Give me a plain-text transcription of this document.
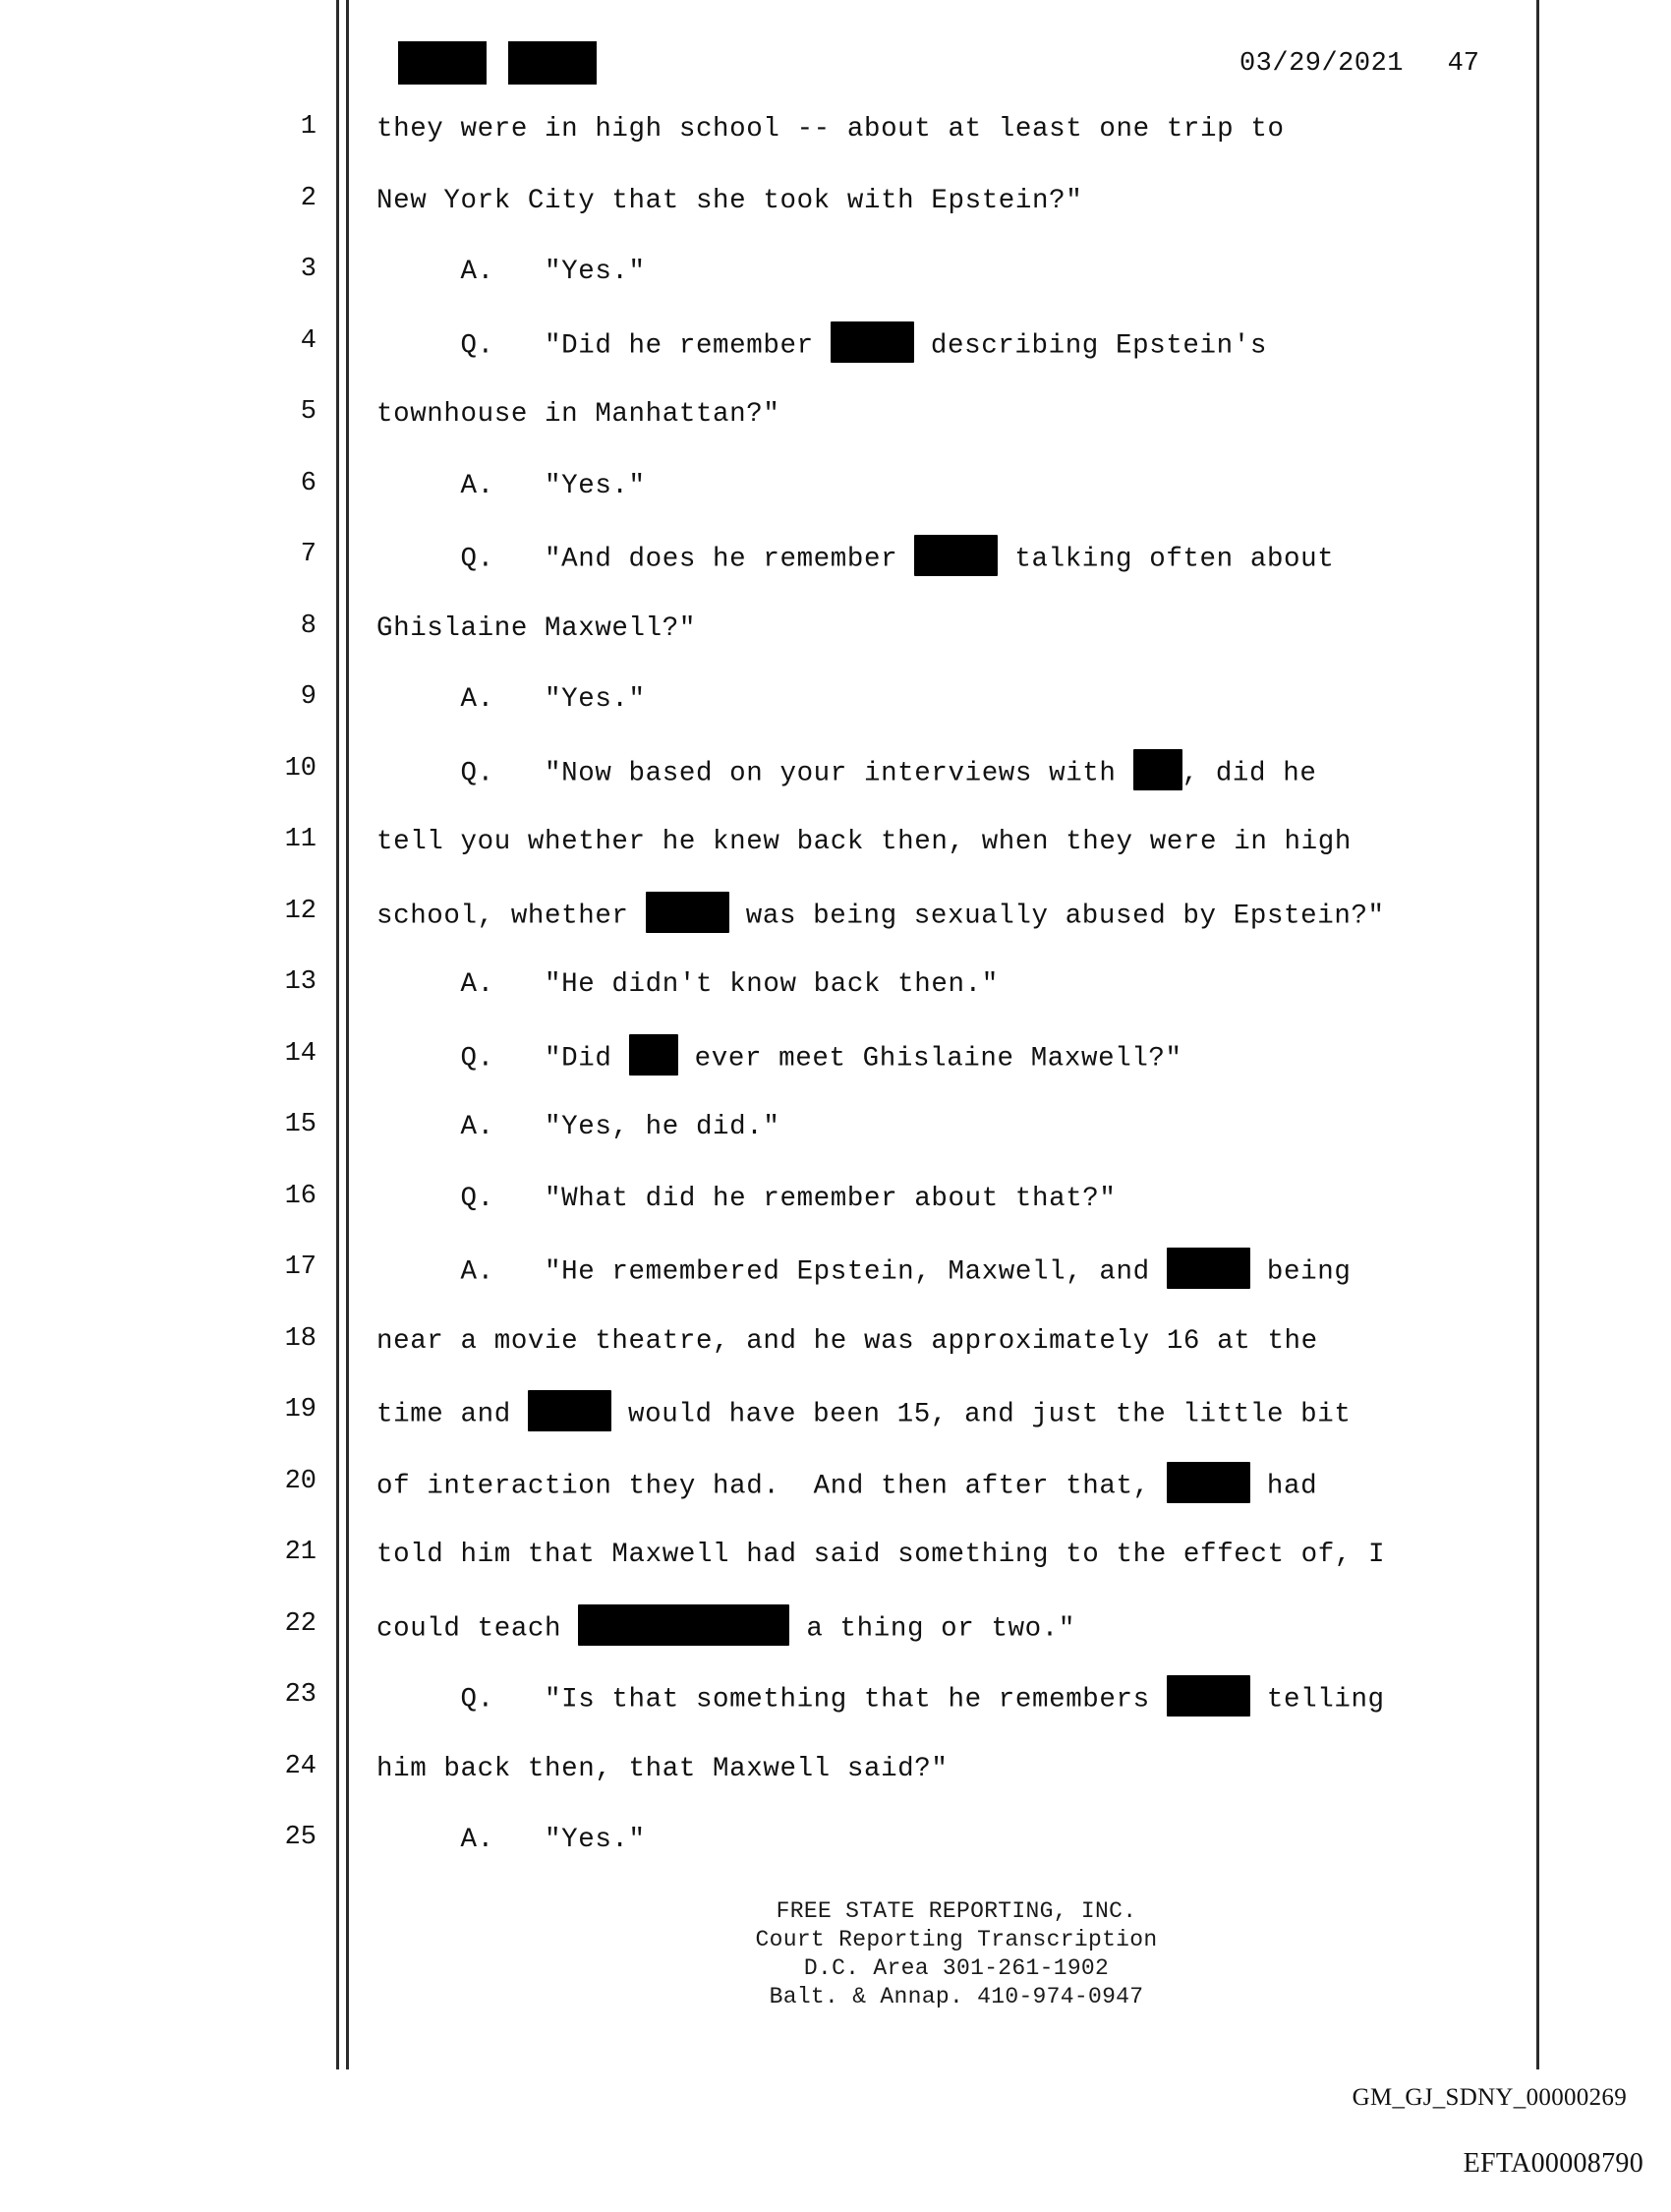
03/29/2021 47
1 they were in high school -- about at least one trip to
2 New York City that she took with Epstein?"
3 A.   "Yes."
4 Q.   "Did he remember	describing Epstein's
5 townhouse in Manhattan?"
6 A.   "Yes."
7 Q.   "And does he remember	talking often about
8 Ghislaine Maxwell?"
9 A.   "Yes."
10 Q.   "Now based on your interviews with , did he
11 tell you whether he knew back then, when they were in high
12 school, whether	was being sexually abused by Epstein?"
13 A.   "He didn't know back then."
14 Q.   "Did  ever meet Ghislaine Maxwell?"
15 A.   "Yes, he did."
16 Q.   "What did he remember about that?"
17 A.   "He remembered Epstein, Maxwell, and	being
18 near a movie theatre, and he was approximately 16 at the
19 time and	would have been 15, and just the little bit
20 of interaction they had.  And then after that,	had
21 told him that Maxwell had said something to the effect of, I
22 could teach	a thing or two."
23 Q.   "Is that something that he remembers	telling
24 him back then, that Maxwell said?"
25 A.   "Yes."
FREE STATE REPORTING, INC.
Court Reporting Transcription
D.C. Area 301-261-1902
Balt. & Annap. 410-974-0947
GM_GJ_SDNY_00000269
EFTA00008790
